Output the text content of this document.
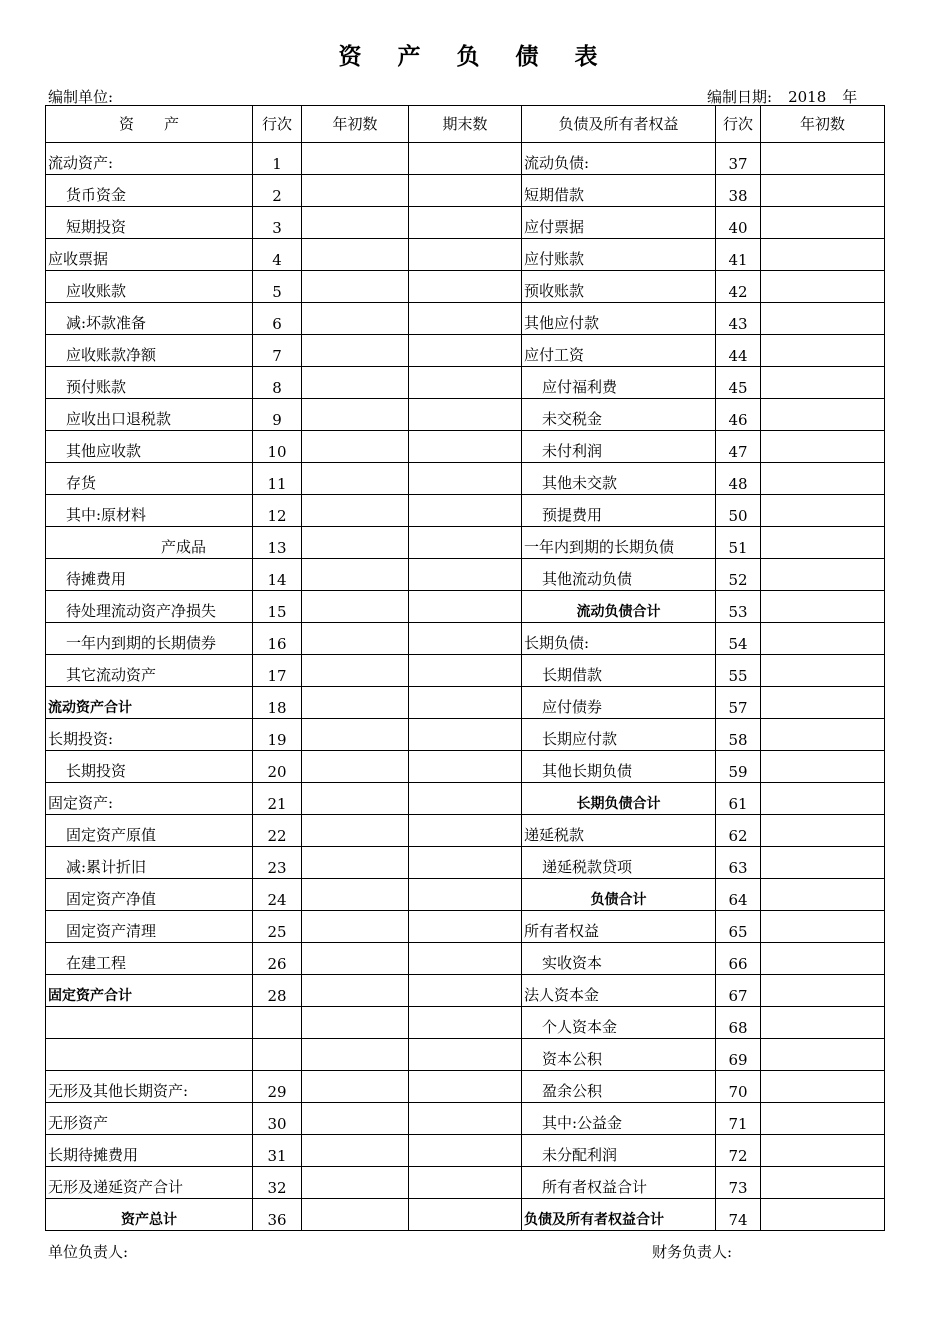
资 产 负 债 表
编制单位:	编制日期: 2018 年
资　　产	行次	年初数	期末数	负债及所有者权益	行次	年初数
流动资产:	1			流动负债:	37	
货币资金	2			短期借款	38	
短期投资	3			应付票据	40	
应收票据	4			应付账款	41	
应收账款	5			预收账款	42	
减:坏款准备	6			其他应付款	43	
应收账款净额	7			应付工资	44	
预付账款	8			应付福利费	45	
应收出口退税款	9			未交税金	46	
其他应收款	10			未付利润	47	
存货	11			其他未交款	48	
其中:原材料	12			预提费用	50	
产成品	13			一年内到期的长期负债	51	
待摊费用	14			其他流动负债	52	
待处理流动资产净损失	15			流动负债合计	53	
一年内到期的长期债券	16			长期负债:	54	
其它流动资产	17			长期借款	55	
流动资产合计	18			应付债券	57	
长期投资:	19			长期应付款	58	
长期投资	20			其他长期负债	59	
固定资产:	21			长期负债合计	61	
固定资产原值	22			递延税款	62	
减:累计折旧	23			递延税款贷项	63	
固定资产净值	24			负债合计	64	
固定资产清理	25			所有者权益	65	
在建工程	26			实收资本	66	
固定资产合计	28			法人资本金	67	
				个人资本金	68	
				资本公积	69	
无形及其他长期资产:	29			盈余公积	70	
无形资产	30			其中:公益金	71	
长期待摊费用	31			未分配利润	72	
无形及递延资产合计	32			所有者权益合计	73	
资产总计	36			负债及所有者权益合计	74	
单位负责人:	财务负责人:
